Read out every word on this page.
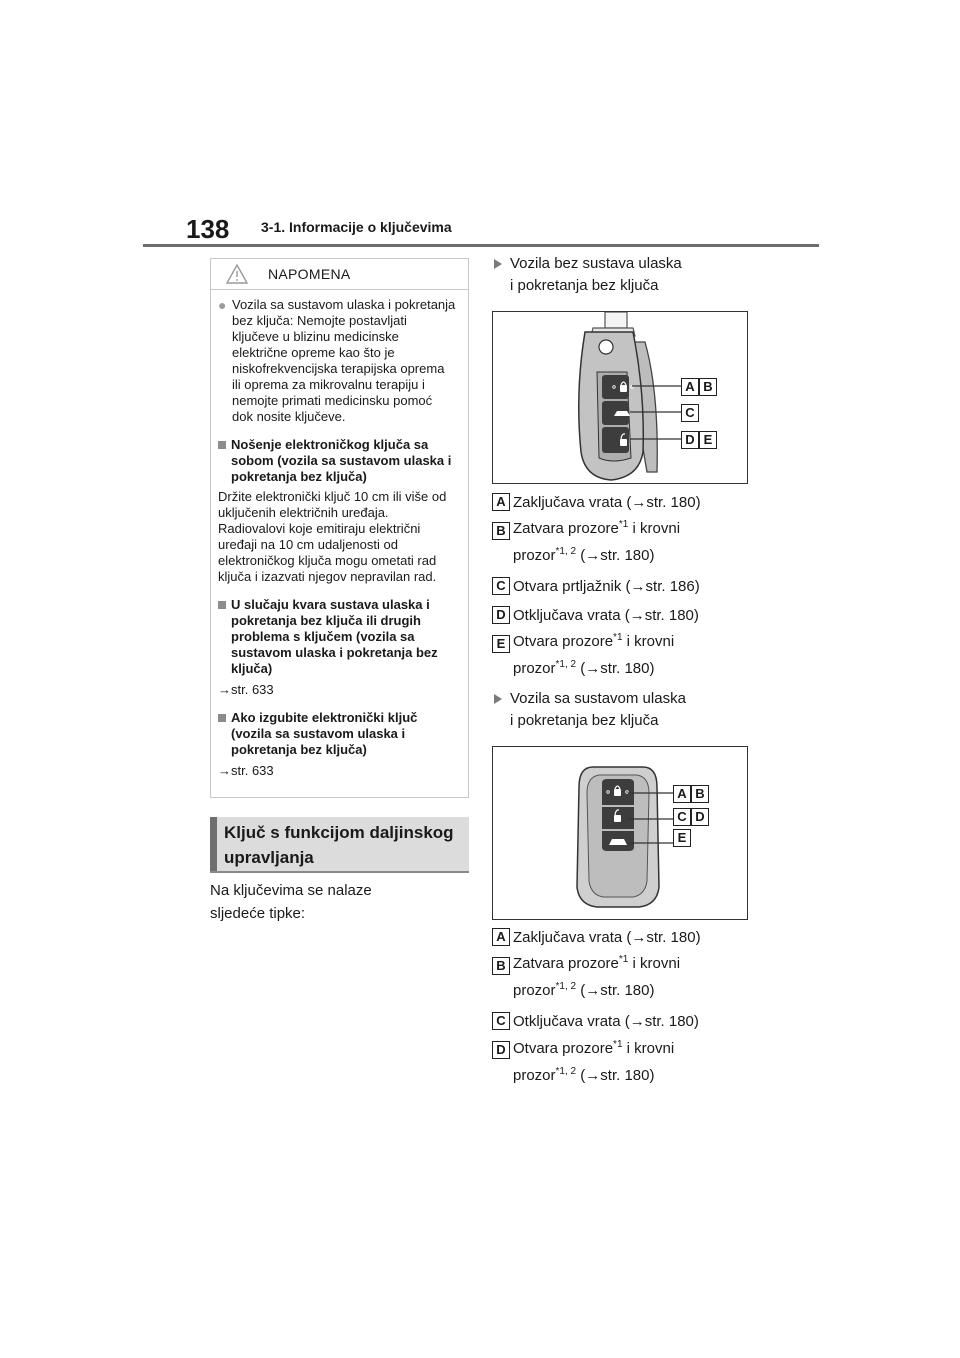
138 3-1. Informacije o ključevima
NAPOMENA
● Vozila sa sustavom ulaska i pokretanja bez ključa: Nemojte postavljati ključeve u blizinu medicinske električne opreme kao što je niskofrekvencijska terapijska oprema ili oprema za mikrovalnu terapiju i nemojte primati medicinsku pomoć dok nosite ključeve.
Nošenje elektroničkog ključa sa sobom (vozila sa sustavom ulaska i pokretanja bez ključa)
Držite elektronički ključ 10 cm ili više od uključenih električnih uređaja. Radiovalovi koje emitiraju električni uređaji na 10 cm udaljenosti od elektroničkog ključa mogu ometati rad ključa i izazvati njegov nepravilan rad.
U slučaju kvara sustava ulaska i pokretanja bez ključa ili drugih problema s ključem (vozila sa sustavom ulaska i pokretanja bez ključa)
→str. 633
Ako izgubite elektronički ključ (vozila sa sustavom ulaska i pokretanja bez ključa)
→str. 633
Ključ s funkcijom daljinskog
upravljanja
Na ključevima se nalaze
sljedeće tipke:
Vozila bez sustava ulaska
i pokretanja bez ključa
A B
C
D E
A Zaključava vrata (→str. 180)
B Zatvara prozore$^{*1}$ i krovni
prozor$^{*1, 2}$ (→str. 180)
C Otvara prtljažnik (→str. 186)
D Otključava vrata (→str. 180)
E Otvara prozore$^{*1}$ i krovni
prozor$^{*1, 2}$ (→str. 180)
Vozila sa sustavom ulaska
i pokretanja bez ključa
A B
C D
E
A Zaključava vrata (→str. 180)
B Zatvara prozore$^{*1}$ i krovni
prozor$^{*1, 2}$ (→str. 180)
C Otključava vrata (→str. 180)
D Otvara prozore$^{*1}$ i krovni
prozor$^{*1, 2}$ (→str. 180)
